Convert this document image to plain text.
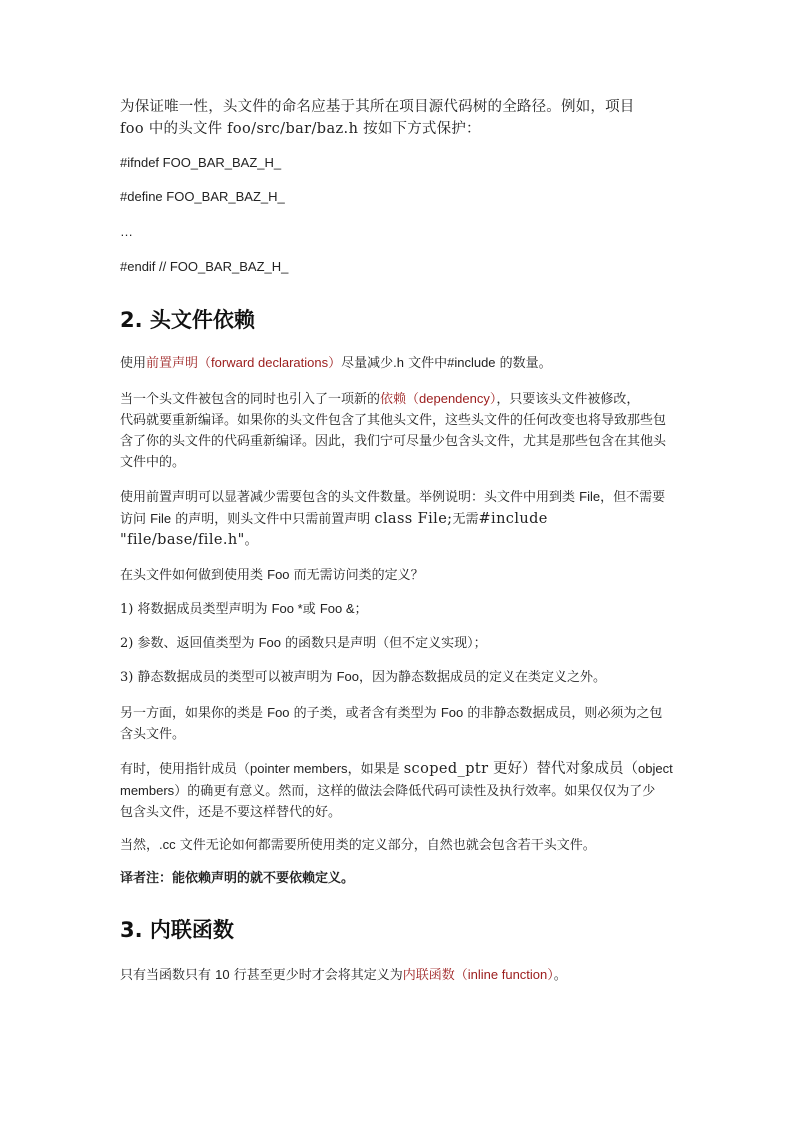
为保证唯一性，头文件的命名应基于其所在项目源代码树的全路径。例如，项目

foo 中的头文件 foo/src/bar/baz.h 按如下方式保护：

#ifndef FOO_BAR_BAZ_H_

#define FOO_BAR_BAZ_H_

…

#endif // FOO_BAR_BAZ_H_

2. 头文件依赖

使用前置声明（forward declarations）尽量减少.h 文件中#include 的数量。

当一个头文件被包含的同时也引入了一项新的依赖（dependency），只要该头文件被修改，

代码就要重新编译。如果你的头文件包含了其他头文件，这些头文件的任何改变也将导致那些包

含了你的头文件的代码重新编译。因此，我们宁可尽量少包含头文件，尤其是那些包含在其他头

文件中的。

使用前置声明可以显著减少需要包含的头文件数量。举例说明：头文件中用到类 File，但不需要

访问 File 的声明，则头文件中只需前置声明 class File;无需#include

"file/base/file.h"。

在头文件如何做到使用类 Foo 而无需访问类的定义？

1) 将数据成员类型声明为 Foo *或 Foo &；

2) 参数、返回值类型为 Foo 的函数只是声明（但不定义实现）；

3) 静态数据成员的类型可以被声明为 Foo，因为静态数据成员的定义在类定义之外。

另一方面，如果你的类是 Foo 的子类，或者含有类型为 Foo 的非静态数据成员，则必须为之包

含头文件。

有时，使用指针成员（pointer members，如果是 scoped_ptr 更好）替代对象成员（object

members）的确更有意义。然而，这样的做法会降低代码可读性及执行效率。如果仅仅为了少

包含头文件，还是不要这样替代的好。

当然，.cc 文件无论如何都需要所使用类的定义部分，自然也就会包含若干头文件。

译者注：能依赖声明的就不要依赖定义。

3. 内联函数

只有当函数只有 10 行甚至更少时才会将其定义为内联函数（inline function）。
